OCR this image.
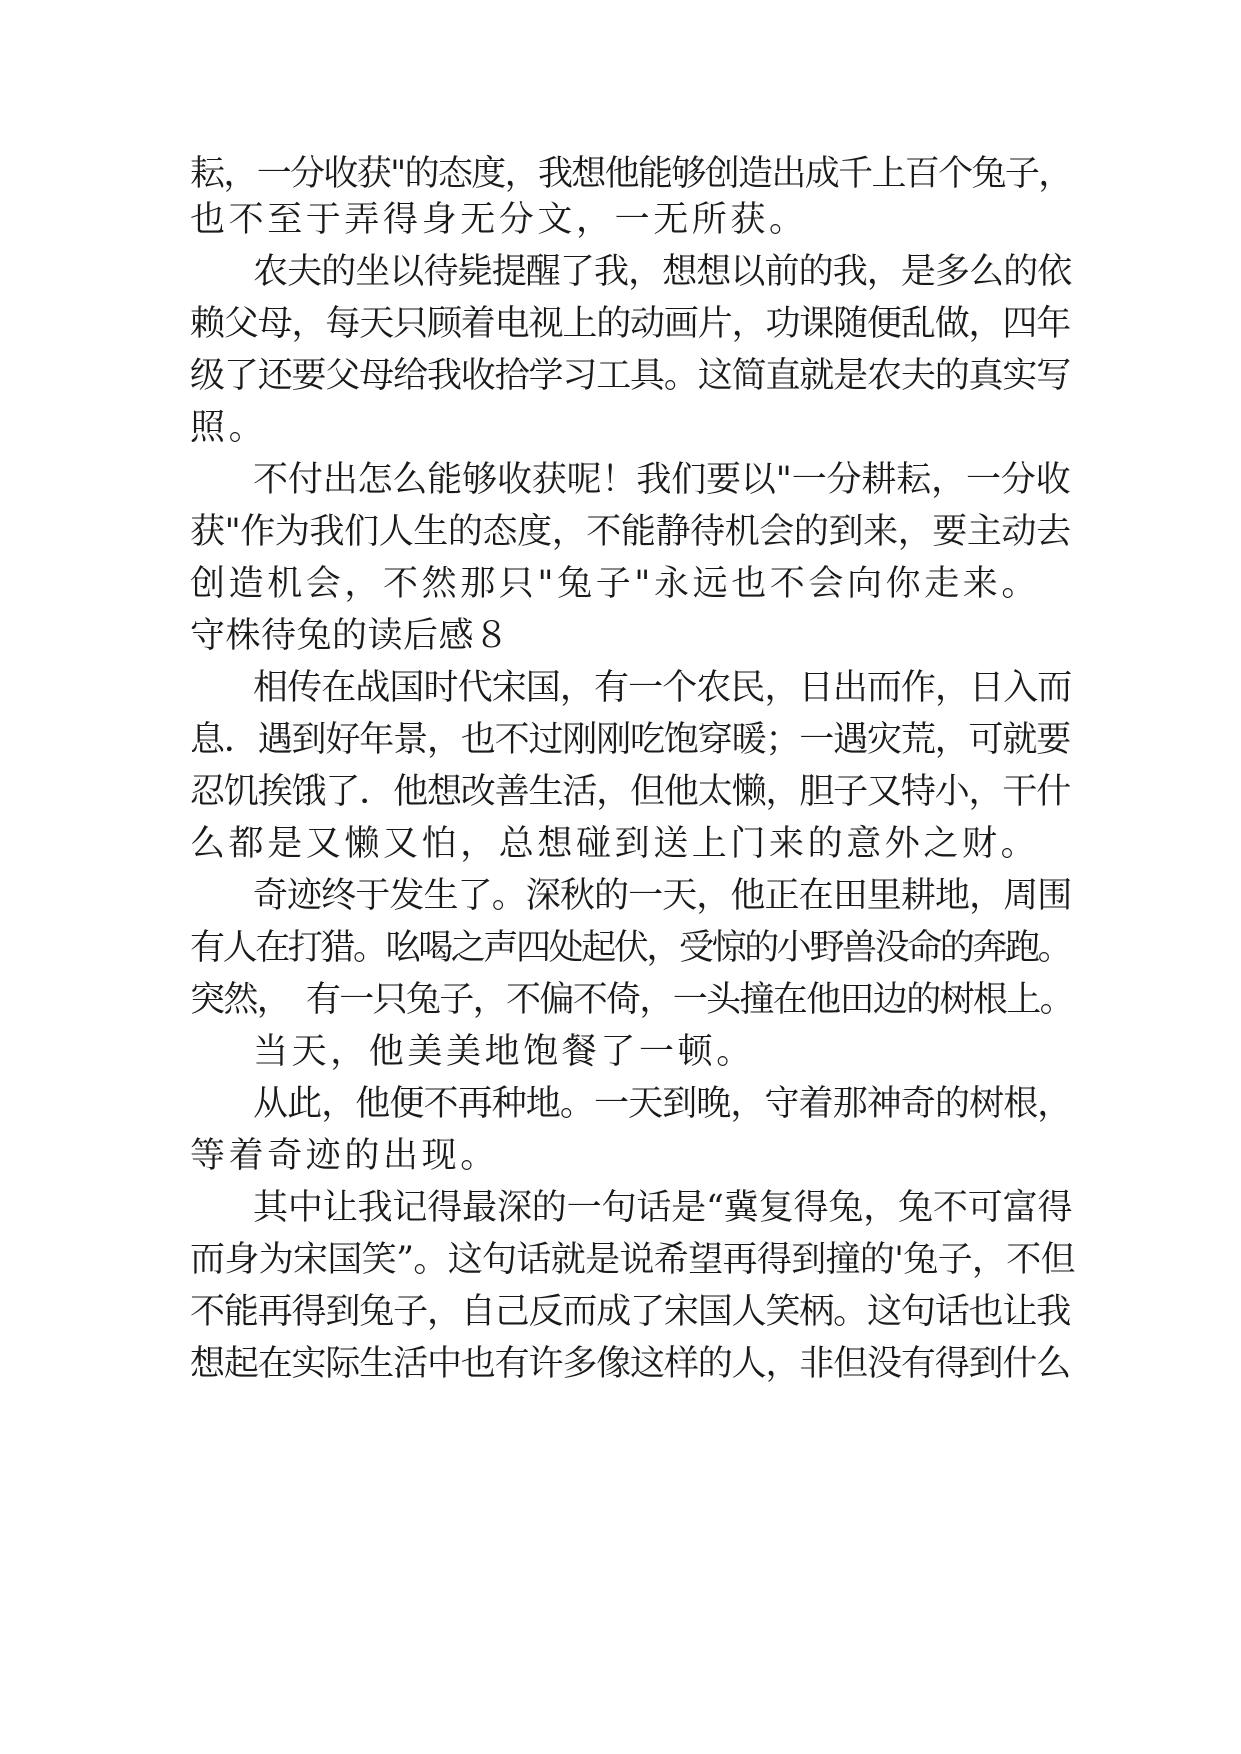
耘，一分收获"的态度，我想他能够创造出成千上百个兔子，
也不至于弄得身无分文，一无所获。
农夫的坐以待毙提醒了我，想想以前的我，是多么的依
赖父母，每天只顾着电视上的动画片，功课随便乱做，四年
级了还要父母给我收拾学习工具。这简直就是农夫的真实写
照。
不付出怎么能够收获呢！我们要以"一分耕耘，一分收
获"作为我们人生的态度，不能静待机会的到来，要主动去
创造机会，不然那只"兔子"永远也不会向你走来。
守株待兔的读后感８
相传在战国时代宋国，有一个农民，日出而作，日入而
息．遇到好年景，也不过刚刚吃饱穿暖；一遇灾荒，可就要
忍饥挨饿了．他想改善生活，但他太懒，胆子又特小，干什
么都是又懒又怕，总想碰到送上门来的意外之财。
奇迹终于发生了。深秋的一天，他正在田里耕地，周围
有人在打猎。吆喝之声四处起伏，受惊的小野兽没命的奔跑。
突然，　有一只兔子，不偏不倚，一头撞在他田边的树根上。
当天，他美美地饱餐了一顿。
从此，他便不再种地。一天到晚，守着那神奇的树根，
等着奇迹的出现。
其中让我记得最深的一句话是“冀复得兔，兔不可富得
而身为宋国笑”。这句话就是说希望再得到撞的'兔子，不但
不能再得到兔子，自己反而成了宋国人笑柄。这句话也让我
想起在实际生活中也有许多像这样的人，非但没有得到什么
